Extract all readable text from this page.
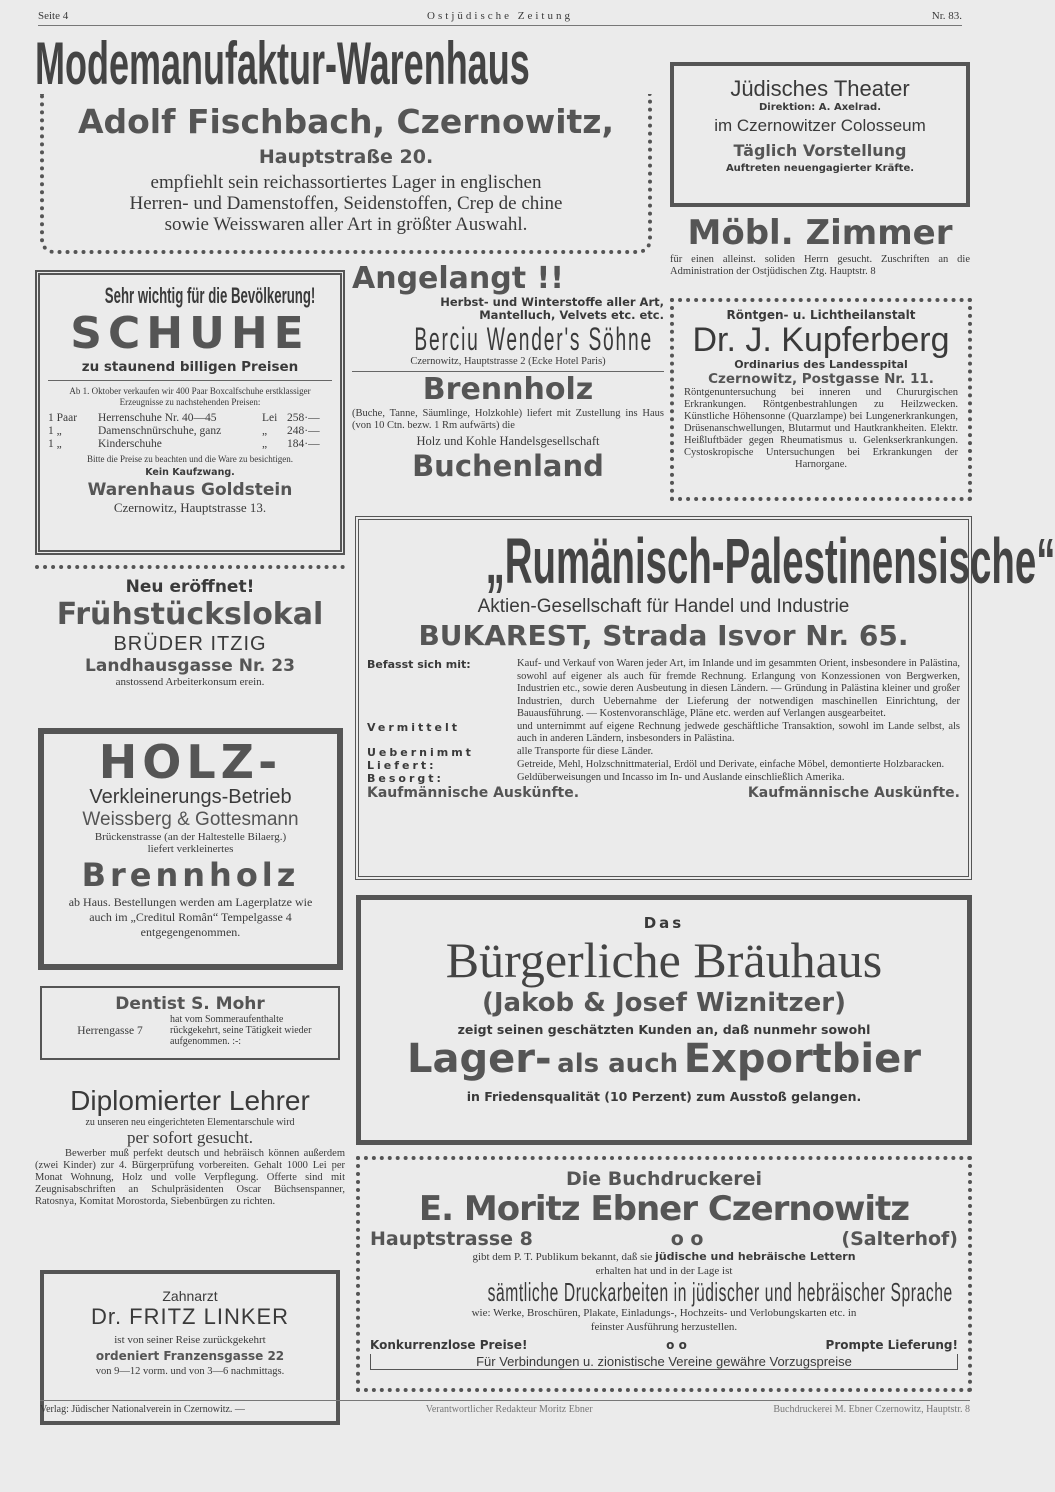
Seite 4	Ostjüdische Zeitung	Nr. 83.
Modemanufaktur-Warenhaus
Adolf Fischbach, Czernowitz,
Hauptstraße 20.
empfiehlt sein reichassortiertes Lager in englischen Herren- und Damenstoffen, Seidenstoffen, Crep de chine sowie Weisswaren aller Art in größter Auswahl.
Jüdisches Theater
Direktion: A. Axelrad.
im Czernowitzer Colosseum
Täglich Vorstellung
Auftreten neuengagierter Kräfte.
Möbl. Zimmer
für einen alleinst. soliden Herrn gesucht. Zuschriften an die Administration der Ostjüdischen Ztg. Hauptstr. 8
Röntgen- u. Lichtheilanstalt
Dr. J. Kupferberg
Ordinarius des Landesspital
Czernowitz, Postgasse Nr. 11.
Röntgenuntersuchung bei inneren und Chururgischen Erkrankungen. Röntgenbestrahlungen zu Heilzwecken. Künstliche Höhensonne (Quarzlampe) bei Lungenerkrankungen, Drüsenanschwellungen, Blutarmut und Hautkrankheiten. Elektr. Heißluftbäder gegen Rheumatismus u. Gelenkserkrankungen. Cystoskropische Untersuchungen bei Erkrankungen der Harnorgane.
Sehr wichtig für die Bevölkerung!
SCHUHE
zu staunend billigen Preisen
Ab 1. Oktober verkaufen wir 400 Paar Boxcalfschuhe erstklassiger Erzeugnisse zu nachstehenden Preisen:
1 Paar	Herrenschuhe Nr. 40—45	Lei 258·—
1 „	Damenschnürschuhe, ganz	„	248·—
1 „	Kinderschuhe	„	184·—
Bitte die Preise zu beachten und die Ware zu besichtigen.
Kein Kaufzwang.
Warenhaus Goldstein
Czernowitz, Hauptstrasse 13.
Angelangt !!
Herbst- und Winterstoffe aller Art, Mantelluch, Velvets etc. etc.
Berciu Wender's Söhne
Czernowitz, Hauptstrasse 2 (Ecke Hotel Paris)
Brennholz
(Buche, Tanne, Säumlinge, Holzkohle) liefert mit Zustellung ins Haus (von 10 Ctn. bezw. 1 Rm aufwärts) die
Holz und Kohle Handelsgesellschaft
Buchenland
„Rumänisch-Palestinensische“
Aktien-Gesellschaft für Handel und Industrie
BUKAREST, Strada Isvor Nr. 65.
Befasst sich mit:	Kauf- und Verkauf von Waren jeder Art, im Inlande und im gesammten Orient, insbesondere in Palästina, sowohl auf eigener als auch für fremde Rechnung. Erlangung von Konzessionen von Bergwerken, Industrien etc., sowie deren Ausbeutung in diesen Ländern. — Gründung in Palästina kleiner und großer Industrien, durch Uebernahme der Lieferung der notwendigen maschinellen Einrichtung, der Bauausführung. — Kostenvoranschläge, Pläne etc. werden auf Verlangen ausgearbeitet.
Vermittelt	und unternimmt auf eigene Rechnung jedwede geschäftliche Transaktion, sowohl im Lande selbst, als auch in anderen Ländern, insbesonders in Palästina.
Uebernimmt	alle Transporte für diese Länder.
Liefert:	Getreide, Mehl, Holzschnittmaterial, Erdöl und Derivate, einfache Möbel, demontierte Holzbaracken.
Besorgt:	Geldüberweisungen und Incasso im In- und Auslande einschließlich Amerika.
Kaufmännische Auskünfte.	Kaufmännische Auskünfte.
Neu eröffnet!
Frühstückslokal
BRÜDER ITZIG
Landhausgasse Nr. 23
anstossend Arbeiterkonsum erein.
HOLZ-
Verkleinerungs-Betrieb
Weissberg & Gottesmann
Brückenstrasse (an der Haltestelle Bilaerg.)
liefert verkleinertes
Brennholz
ab Haus. Bestellungen werden am Lagerplatze wie auch im „Creditul Român“ Tempelgasse 4 entgegengenommen.
Dentist S. Mohr
Herrengasse 7
hat vom Sommeraufenthalte rückgekehrt, seine Tätigkeit wieder aufgenommen. :-:
Diplomierter Lehrer
zu unseren neu eingerichteten Elementarschule wird
per sofort gesucht.
Bewerber muß perfekt deutsch und hebräisch können außerdem (zwei Kinder) zur 4. Bürgerprüfung vorbereiten. Gehalt 1000 Lei per Monat Wohnung, Holz und volle Verpflegung. Offerte sind mit Zeugnisabschriften an Schulpräsidenten Oscar Büchsenspanner, Ratosnya, Komitat Morostorda, Siebenbürgen zu richten.
Zahnarzt
Dr. FRITZ LINKER
ist von seiner Reise zurückgekehrt
ordeniert Franzensgasse 22
von 9—12 vorm. und von 3—6 nachmittags.
Das
Bürgerliche Bräuhaus
(Jakob & Josef Wiznitzer)
zeigt seinen geschätzten Kunden an, daß nunmehr sowohl
Lager- als auch Exportbier
in Friedensqualität (10 Perzent) zum Ausstoß gelangen.
Die Buchdruckerei
E. Moritz Ebner Czernowitz
Hauptstrasse 8	o o	(Salterhof)
gibt dem P. T. Publikum bekannt, daß sie jüdische und hebräische Lettern erhalten hat und in der Lage ist
sämtliche Druckarbeiten in jüdischer und hebräischer Sprache
wie: Werke, Broschüren, Plakate, Einladungs-, Hochzeits- und Verlobungskarten etc. in feinster Ausführung herzustellen.
Konkurrenzlose Preise!	o o	Prompte Lieferung!
Für Verbindungen u. zionistische Vereine gewähre Vorzugspreise
Verlag: Jüdischer Nationalverein in Czernowitz. —	Verantwortlicher Redakteur Moritz Ebner	Buchdruckerei M. Ebner Czernowitz, Hauptstr. 8
